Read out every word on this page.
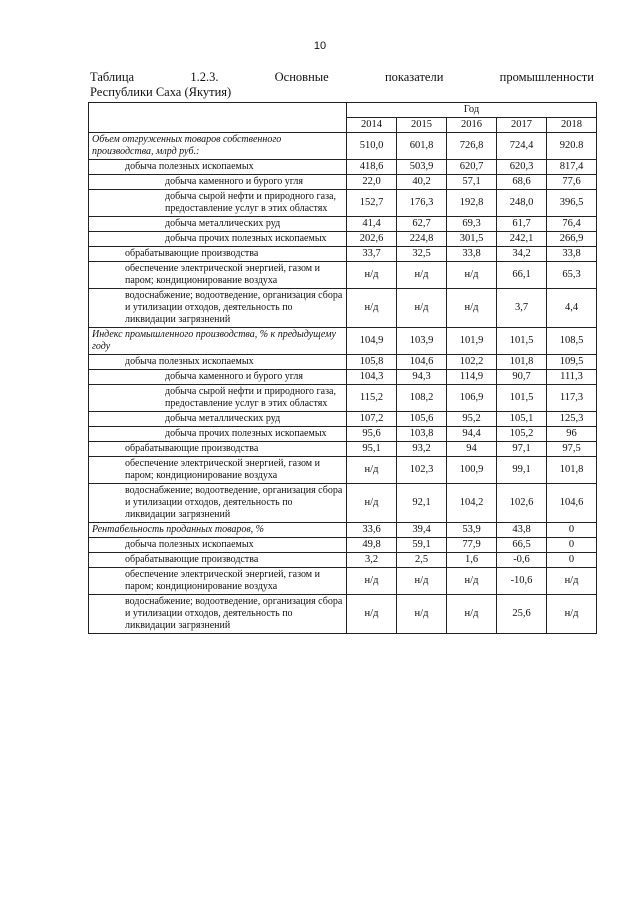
10
Таблица	1.2.3.	Основные	показатели	промышленности
Республики Саха (Якутия)
	Год				
	2014	2015	2016	2017	2018
Объем отгруженных товаров собственного производства, млрд руб.:	510,0	601,8	726,8	724,4	920.8
добыча полезных ископаемых	418,6	503,9	620,7	620,3	817,4
добыча каменного и бурого угля	22,0	40,2	57,1	68,6	77,6
добыча сырой нефти и природного газа, предоставление услуг в этих областях	152,7	176,3	192,8	248,0	396,5
добыча металлических руд	41,4	62,7	69,3	61,7	76,4
добыча прочих полезных ископаемых	202,6	224,8	301,5	242,1	266,9
обрабатывающие производства	33,7	32,5	33,8	34,2	33,8
обеспечение электрической энергией, газом и паром; кондиционирование воздуха	н/д	н/д	н/д	66,1	65,3
водоснабжение; водоотведение, организация сбора и утилизации отходов, деятельность по ликвидации загрязнений	н/д	н/д	н/д	3,7	4,4
Индекс промышленного производства, % к предыдущему году	104,9	103,9	101,9	101,5	108,5
добыча полезных ископаемых	105,8	104,6	102,2	101,8	109,5
добыча каменного и бурого угля	104,3	94,3	114,9	90,7	111,3
добыча сырой нефти и природного газа, предоставление услуг в этих областях	115,2	108,2	106,9	101,5	117,3
добыча металлических руд	107,2	105,6	95,2	105,1	125,3
добыча прочих полезных ископаемых	95,6	103,8	94,4	105,2	96
обрабатывающие производства	95,1	93,2	94	97,1	97,5
обеспечение электрической энергией, газом и паром; кондиционирование воздуха	н/д	102,3	100,9	99,1	101,8
водоснабжение; водоотведение, организация сбора и утилизации отходов, деятельность по ликвидации загрязнений	н/д	92,1	104,2	102,6	104,6
Рентабельность проданных товаров, %	33,6	39,4	53,9	43,8	0
добыча полезных ископаемых	49,8	59,1	77,9	66,5	0
обрабатывающие производства	3,2	2,5	1,6	-0,6	0
обеспечение электрической энергией, газом и паром; кондиционирование воздуха	н/д	н/д	н/д	-10,6	н/д
водоснабжение; водоотведение, организация сбора и утилизации отходов, деятельность по ликвидации загрязнений	н/д	н/д	н/д	25,6	н/д
